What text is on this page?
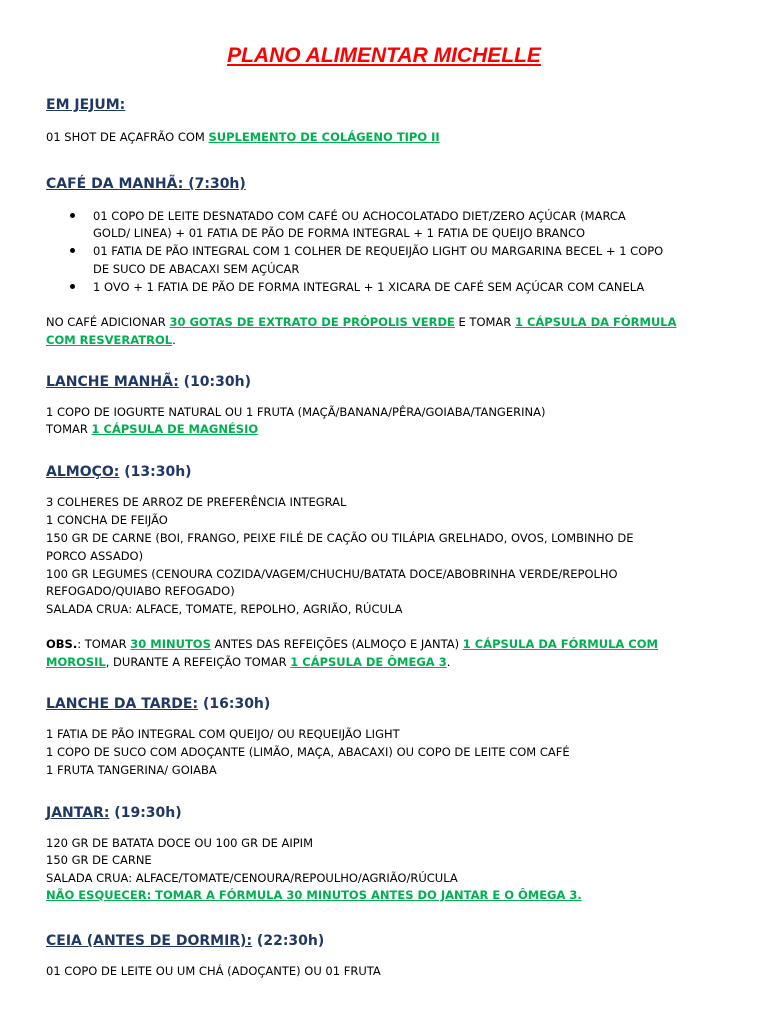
PLANO ALIMENTAR MICHELLE
EM JEJUM:
01 SHOT DE AÇAFRÃO COM SUPLEMENTO DE COLÁGENO TIPO II
CAFÉ DA MANHÃ: (7:30h)
01 COPO DE LEITE DESNATADO COM CAFÉ OU ACHOCOLATADO DIET/ZERO AÇÚCAR (MARCA
GOLD/ LINEA) + 01 FATIA DE PÃO DE FORMA INTEGRAL + 1 FATIA DE QUEIJO BRANCO
01 FATIA DE PÃO INTEGRAL COM 1 COLHER DE REQUEIJÃO LIGHT OU MARGARINA BECEL + 1 COPO
DE SUCO DE ABACAXI SEM AÇÚCAR
1 OVO + 1 FATIA DE PÃO DE FORMA INTEGRAL + 1 XICARA DE CAFÉ SEM AÇÚCAR COM CANELA
NO CAFÉ ADICIONAR 30 GOTAS DE EXTRATO DE PRÓPOLIS VERDE E TOMAR 1 CÁPSULA DA FÓRMULA
COM RESVERATROL.
LANCHE MANHÃ: (10:30h)
1 COPO DE IOGURTE NATURAL OU 1 FRUTA (MAÇÃ/BANANA/PÊRA/GOIABA/TANGERINA)
TOMAR 1 CÁPSULA DE MAGNÉSIO
ALMOÇO: (13:30h)
3 COLHERES DE ARROZ DE PREFERÊNCIA INTEGRAL
1 CONCHA DE FEIJÃO
150 GR DE CARNE (BOI, FRANGO, PEIXE FILÉ DE CAÇÃO OU TILÁPIA GRELHADO, OVOS, LOMBINHO DE
PORCO ASSADO)
100 GR LEGUMES (CENOURA COZIDA/VAGEM/CHUCHU/BATATA DOCE/ABOBRINHA VERDE/REPOLHO
REFOGADO/QUIABO REFOGADO)
SALADA CRUA: ALFACE, TOMATE, REPOLHO, AGRIÃO, RÚCULA
OBS.: TOMAR 30 MINUTOS ANTES DAS REFEIÇÕES (ALMOÇO E JANTA) 1 CÁPSULA DA FÓRMULA COM
MOROSIL, DURANTE A REFEIÇÃO TOMAR 1 CÁPSULA DE ÔMEGA 3.
LANCHE DA TARDE: (16:30h)
1 FATIA DE PÃO INTEGRAL COM QUEIJO/ OU REQUEIJÃO LIGHT
1 COPO DE SUCO COM ADOÇANTE (LIMÃO, MAÇA, ABACAXI) OU COPO DE LEITE COM CAFÉ
1 FRUTA TANGERINA/ GOIABA
JANTAR: (19:30h)
120 GR DE BATATA DOCE OU 100 GR DE AIPIM
150 GR DE CARNE
SALADA CRUA: ALFACE/TOMATE/CENOURA/REPOULHO/AGRIÃO/RÚCULA
NÃO ESQUECER: TOMAR A FÓRMULA 30 MINUTOS ANTES DO JANTAR E O ÔMEGA 3.
CEIA (ANTES DE DORMIR): (22:30h)
01 COPO DE LEITE OU UM CHÁ (ADOÇANTE) OU 01 FRUTA
